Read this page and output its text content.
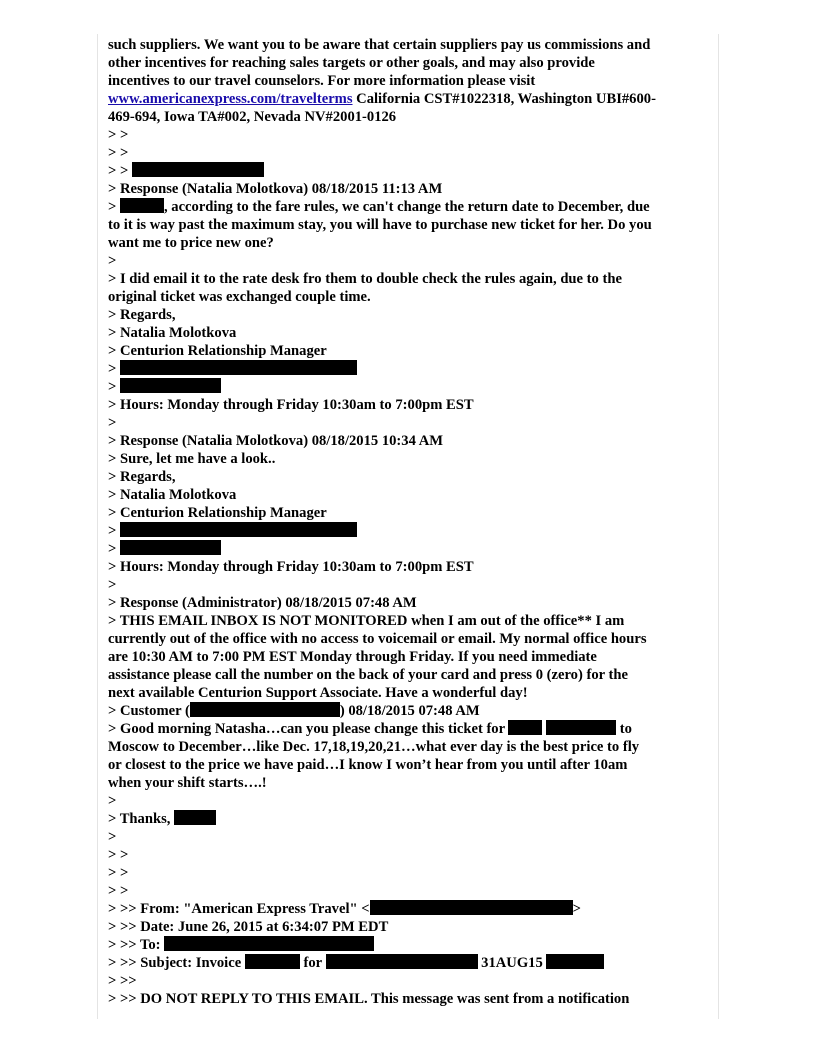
such suppliers. We want you to be aware that certain suppliers pay us commissions and
other incentives for reaching sales targets or other goals, and may also provide
incentives to our travel counselors. For more information please visit
www.americanexpress.com/travelterms California CST#1022318, Washington UBI#600-
469-694, Iowa TA#002, Nevada NV#2001-0126
> >
> >
> >
> Response (Natalia Molotkova) 08/18/2015 11:13 AM
>	, according to the fare rules, we can't change the return date to December, due
to it is way past the maximum stay, you will have to purchase new ticket for her. Do you
want me to price new one?
>
> I did email it to the rate desk fro them to double check the rules again, due to the
original ticket was exchanged couple time.
> Regards,
> Natalia Molotkova
> Centurion Relationship Manager
>
>
> Hours: Monday through Friday 10:30am to 7:00pm EST
>
> Response (Natalia Molotkova) 08/18/2015 10:34 AM
> Sure, let me have a look..
> Regards,
> Natalia Molotkova
> Centurion Relationship Manager
>
>
> Hours: Monday through Friday 10:30am to 7:00pm EST
>
> Response (Administrator) 08/18/2015 07:48 AM
> THIS EMAIL INBOX IS NOT MONITORED when I am out of the office** I am
currently out of the office with no access to voicemail or email. My normal office hours
are 10:30 AM to 7:00 PM EST Monday through Friday. If you need immediate
assistance please call the number on the back of your card and press 0 (zero) for the
next available Centurion Support Associate. Have a wonderful day!
> Customer (	) 08/18/2015 07:48 AM
> Good morning Natasha…can you please change this ticket for	to
Moscow to December…like Dec. 17,18,19,20,21…what ever day is the best price to fly
or closest to the price we have paid…I know I won’t hear from you until after 10am
when your shift starts….!
>
> Thanks,
>
> >
> >
> >
> >> From: "American Express Travel" <	>
> >> Date: June 26, 2015 at 6:34:07 PM EDT
> >> To:
> >> Subject: Invoice	for	31AUG15
> >>
> >> DO NOT REPLY TO THIS EMAIL. This message was sent from a notification
